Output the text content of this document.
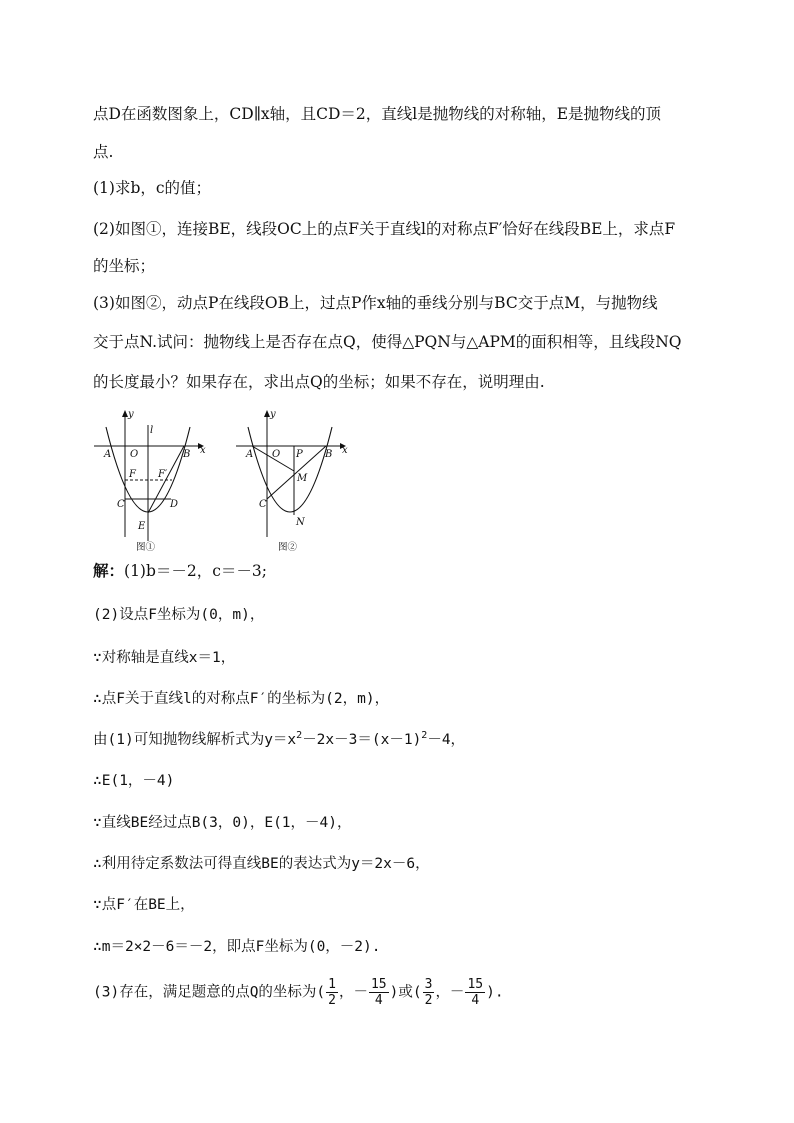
点D在函数图象上，CD∥x轴，且CD＝2，直线l是抛物线的对称轴，E是抛物线的顶
点.
(1)求b，c的值；
(2)如图①，连接BE，线段OC上的点F关于直线l的对称点F′恰好在线段BE上，求点F
的坐标；
(3)如图②，动点P在线段OB上，过点P作x轴的垂线分别与BC交于点M，与抛物线
交于点N.试问：抛物线上是否存在点Q，使得△PQN与△APM的面积相等，且线段NQ
的长度最小？如果存在，求出点Q的坐标；如果不存在，说明理由.
y
x
l
A O	B
F F′
C	D
E
图①
y
x
A O P B
M
C
N
图②
解：(1)b＝－2，c＝－3;
(2)设点F坐标为(0，m)，
∵对称轴是直线x＝1，
∴点F关于直线l的对称点F′的坐标为(2，m)，
由(1)可知抛物线解析式为$y=x^2-2x-3=(x-1)^2-4$，
∴E(1，－4)
∵直线BE经过点B(3，0)，E(1，－4)，
∴利用待定系数法可得直线BE的表达式为y＝2x－6，
∵点F′在BE上，
∴m＝2×2－6＝－2，即点F坐标为(0，－2).
(3)存在，满足题意的点Q的坐标为( $\frac{1}{2}$ ，－ $\frac{15}{4}$ )或( $\frac{3}{2}$ ，－ $\frac{15}{4}$ ).
